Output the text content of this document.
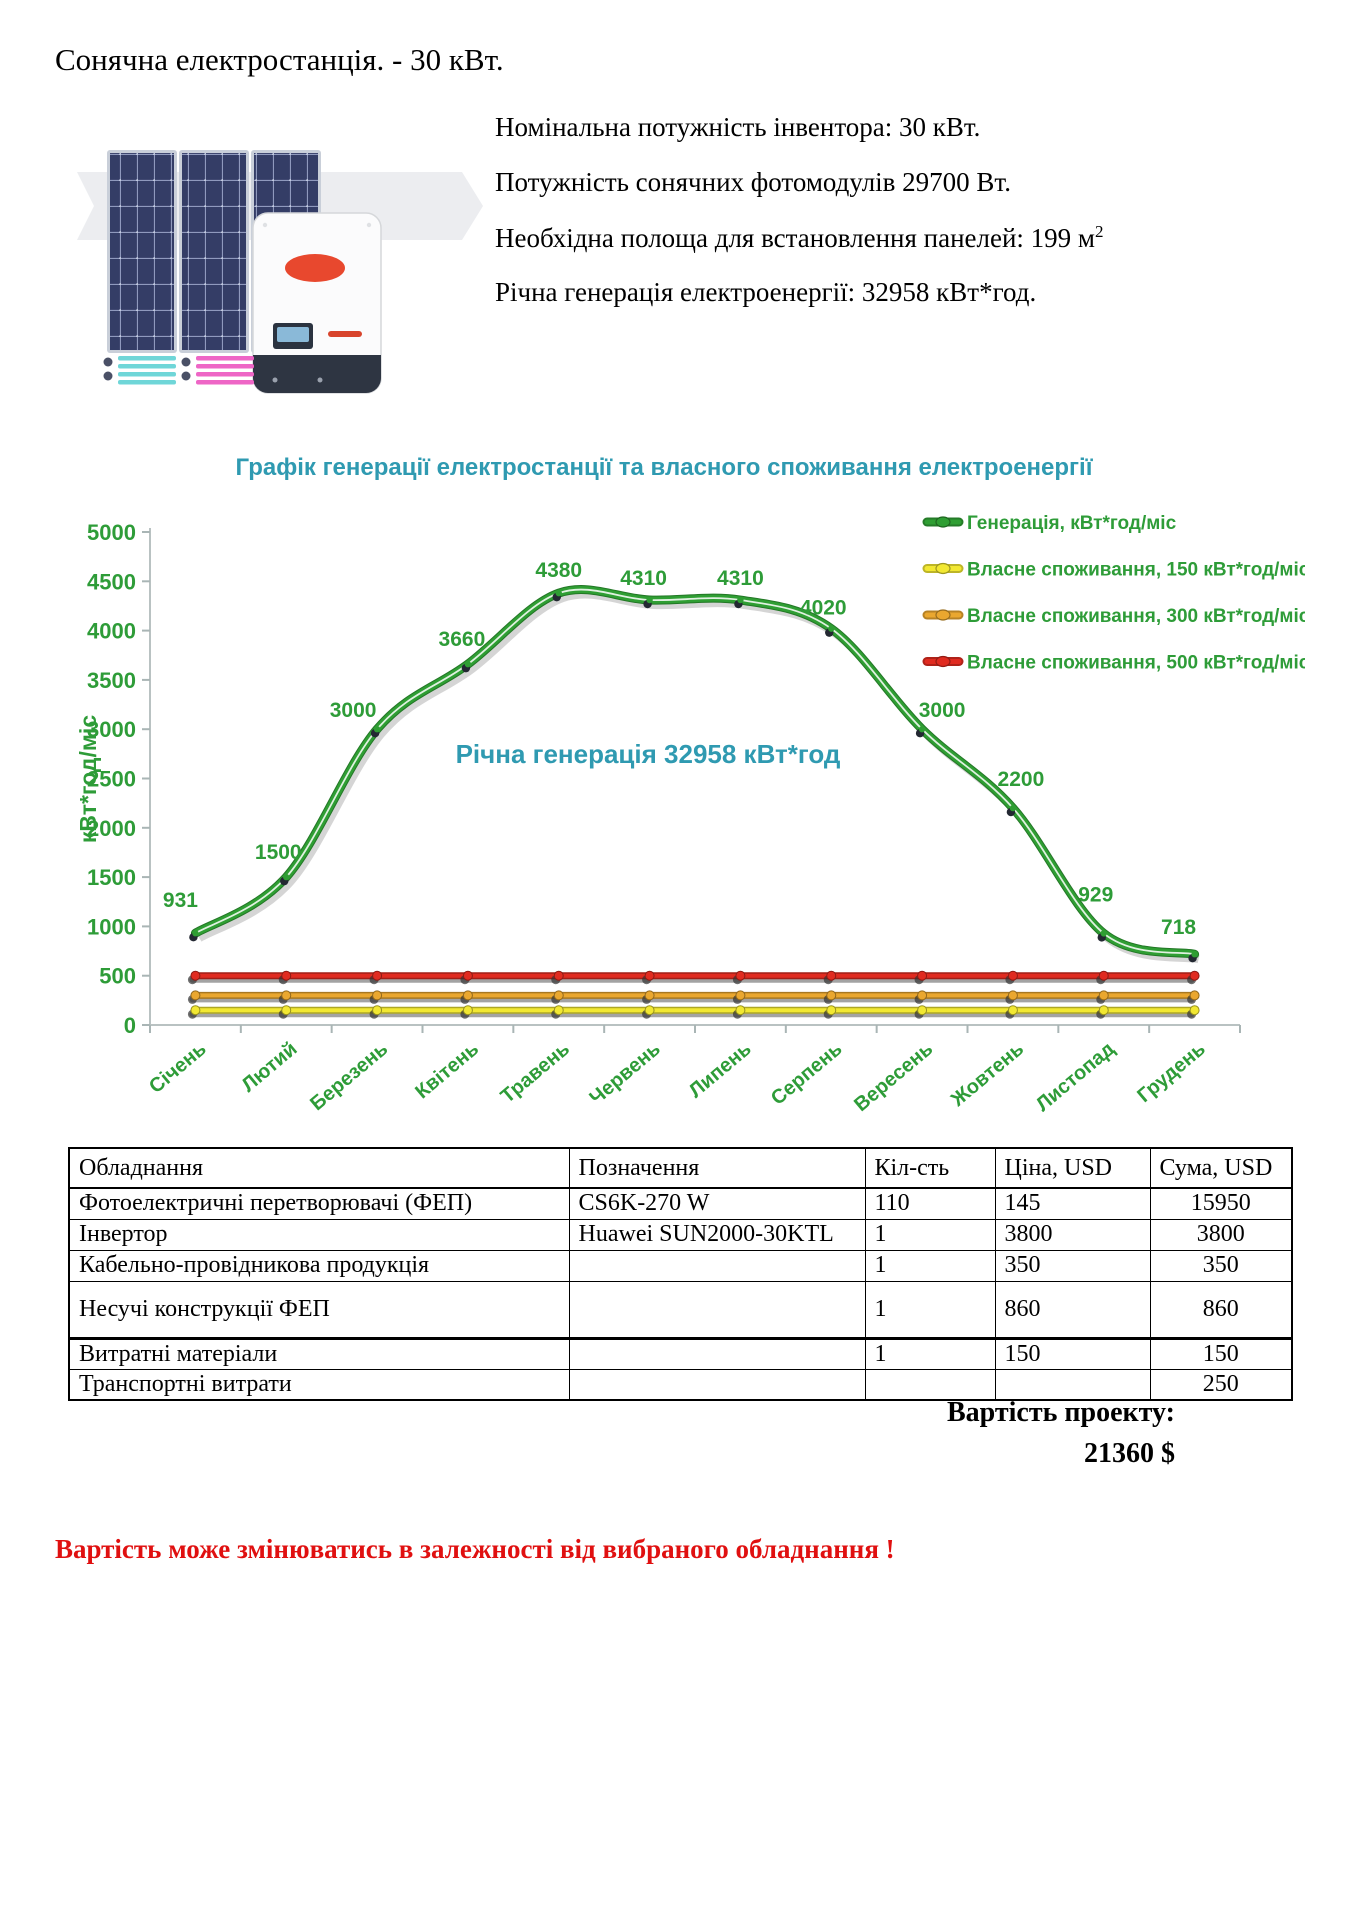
Сонячна електростанція. - 30 кВт.
Номінальна потужність інвентора: 30 кВт.
Потужність сонячних фотомодулів 29700 Вт.
Необхідна полоща для встановлення панелей: 199 $м^2$
Річна генерація електроенергії: 32958 кВт*год.
Графік генерації електростанції та власного споживання електроенергії
0
500
1000
1500
2000
2500
3000
3500
4000
4500
5000
Січень Лютий Березень Квітень Травень Червень Липень Серпень Вересень Жовтень Листопад Грудень
кВт*год/міс
931
1500
3000
3660
4380 4310 4310
4020
3000
2200
929
718
Річна генерація 32958 кВт*год
Генерація, кВт*год/міс
Власне споживання, 150 кВт*год/міс
Власне споживання, 300 кВт*год/міс
Власне споживання, 500 кВт*год/міс
Обладнання	Позначення	Кіл-сть	Ціна, USD	Сума, USD
Фотоелектричні перетворювачі (ФЕП)	CS6K-270 W	110	145	15950
Інвертор	Huawei SUN2000-30KTL	1	3800	3800
Кабельно-провідникова продукція		1	350	350
Несучі конструкції ФЕП		1	860	860
Витратні матеріали		1	150	150
Транспортні витрати				250
Вартість проекту:
21360 $
Вартість може змінюватись в залежності від вибраного обладнання !
